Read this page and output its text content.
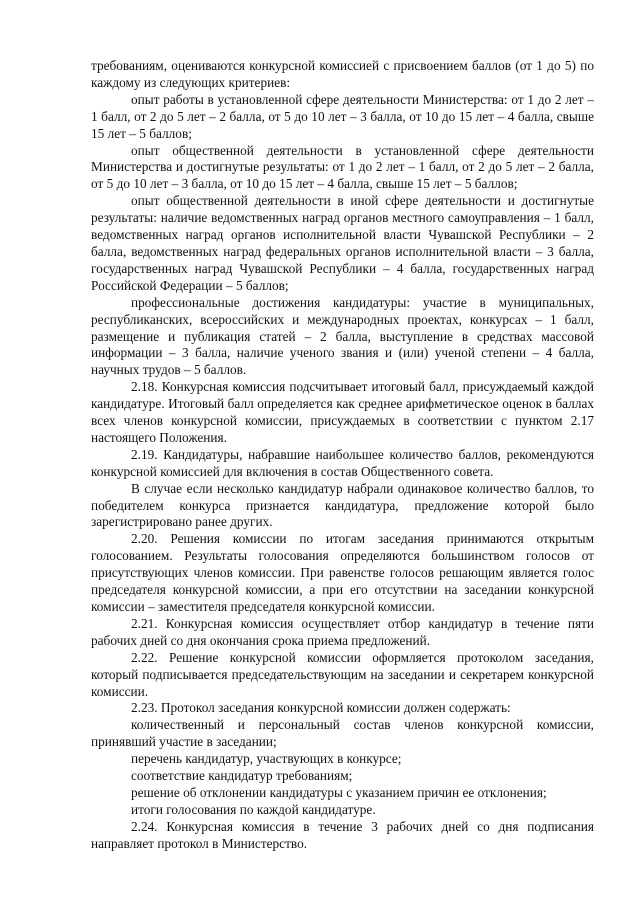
требованиям, оцениваются конкурсной комиссией с присвоением баллов (от 1 до 5) по каждому из следующих критериев:

опыт работы в установленной сфере деятельности Министерства: от 1 до 2 лет – 1 балл, от 2 до 5 лет – 2 балла, от 5 до 10 лет – 3 балла, от 10 до 15 лет – 4 балла, свыше 15 лет – 5 баллов;

опыт общественной деятельности в установленной сфере деятельности Министерства и достигнутые результаты: от 1 до 2 лет – 1 балл, от 2 до 5 лет – 2 балла, от 5 до 10 лет – 3 балла, от 10 до 15 лет – 4 балла, свыше 15 лет – 5 баллов;

опыт общественной деятельности в иной сфере деятельности и достигнутые результаты: наличие ведомственных наград органов местного самоуправления – 1 балл, ведомственных наград органов исполнительной власти Чувашской Республики – 2 балла, ведомственных наград федеральных органов исполнительной власти – 3 балла, государственных наград Чувашской Республики – 4 балла, государственных наград Российской Федерации – 5 баллов;

профессиональные достижения кандидатуры: участие в муниципальных, республиканских, всероссийских и международных проектах, конкурсах – 1 балл, размещение и публикация статей – 2 балла, выступление в средствах массовой информации – 3 балла, наличие ученого звания и (или) ученой степени – 4 балла, научных трудов – 5 баллов.

2.18. Конкурсная комиссия подсчитывает итоговый балл, присуждаемый каждой кандидатуре. Итоговый балл определяется как среднее арифметическое оценок в баллах всех членов конкурсной комиссии, присуждаемых в соответствии с пунктом 2.17 настоящего Положения.

2.19. Кандидатуры, набравшие наибольшее количество баллов, рекомендуются конкурсной комиссией для включения в состав Общественного совета.

В случае если несколько кандидатур набрали одинаковое количество баллов, то победителем конкурса признается кандидатура, предложение которой было зарегистрировано ранее других.

2.20. Решения комиссии по итогам заседания принимаются открытым голосованием. Результаты голосования определяются большинством голосов от присутствующих членов комиссии. При равенстве голосов решающим является голос председателя конкурсной комиссии, а при его отсутствии на заседании конкурсной комиссии – заместителя председателя конкурсной комиссии.

2.21. Конкурсная комиссия осуществляет отбор кандидатур в течение пяти рабочих дней со дня окончания срока приема предложений.

2.22. Решение конкурсной комиссии оформляется протоколом заседания, который подписывается председательствующим на заседании и секретарем конкурсной комиссии.

2.23. Протокол заседания конкурсной комиссии должен содержать:

количественный и персональный состав членов конкурсной комиссии, принявший участие в заседании;

перечень кандидатур, участвующих в конкурсе;

соответствие кандидатур требованиям;

решение об отклонении кандидатуры с указанием причин ее отклонения;

итоги голосования по каждой кандидатуре.

2.24. Конкурсная комиссия в течение 3 рабочих дней со дня подписания направляет протокол в Министерство.
